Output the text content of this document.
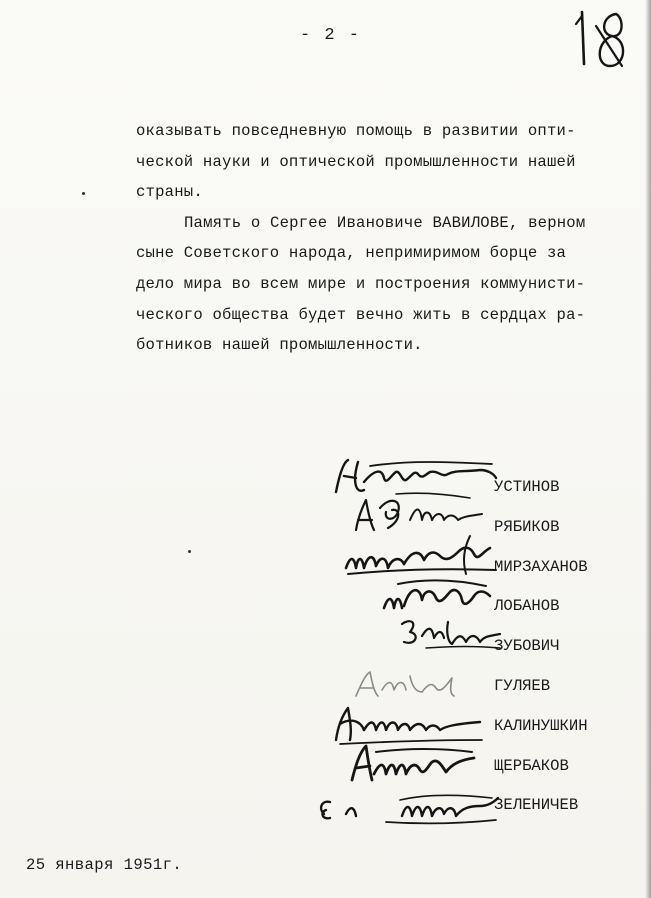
- 2 -

оказывать повседневную помощь в развитии опти-

ческой науки и оптической промышленности нашей

страны.

Память о Сергее Ивановиче ВАВИЛОВЕ, верном

сыне Советского народа, непримиримом борце за

дело мира во всем мире и построения коммунисти-

ческого общества будет вечно жить в сердцах ра-

ботников нашей промышленности.

УСТИНОВ
РЯБИКОВ
МИРЗАХАНОВ
ЛОБАНОВ
ЗУБОВИЧ
ГУЛЯЕВ
КАЛИНУШКИН
ЩЕРБАКОВ
ЗЕЛЕНИЧЕВ
25 января 1951г.
